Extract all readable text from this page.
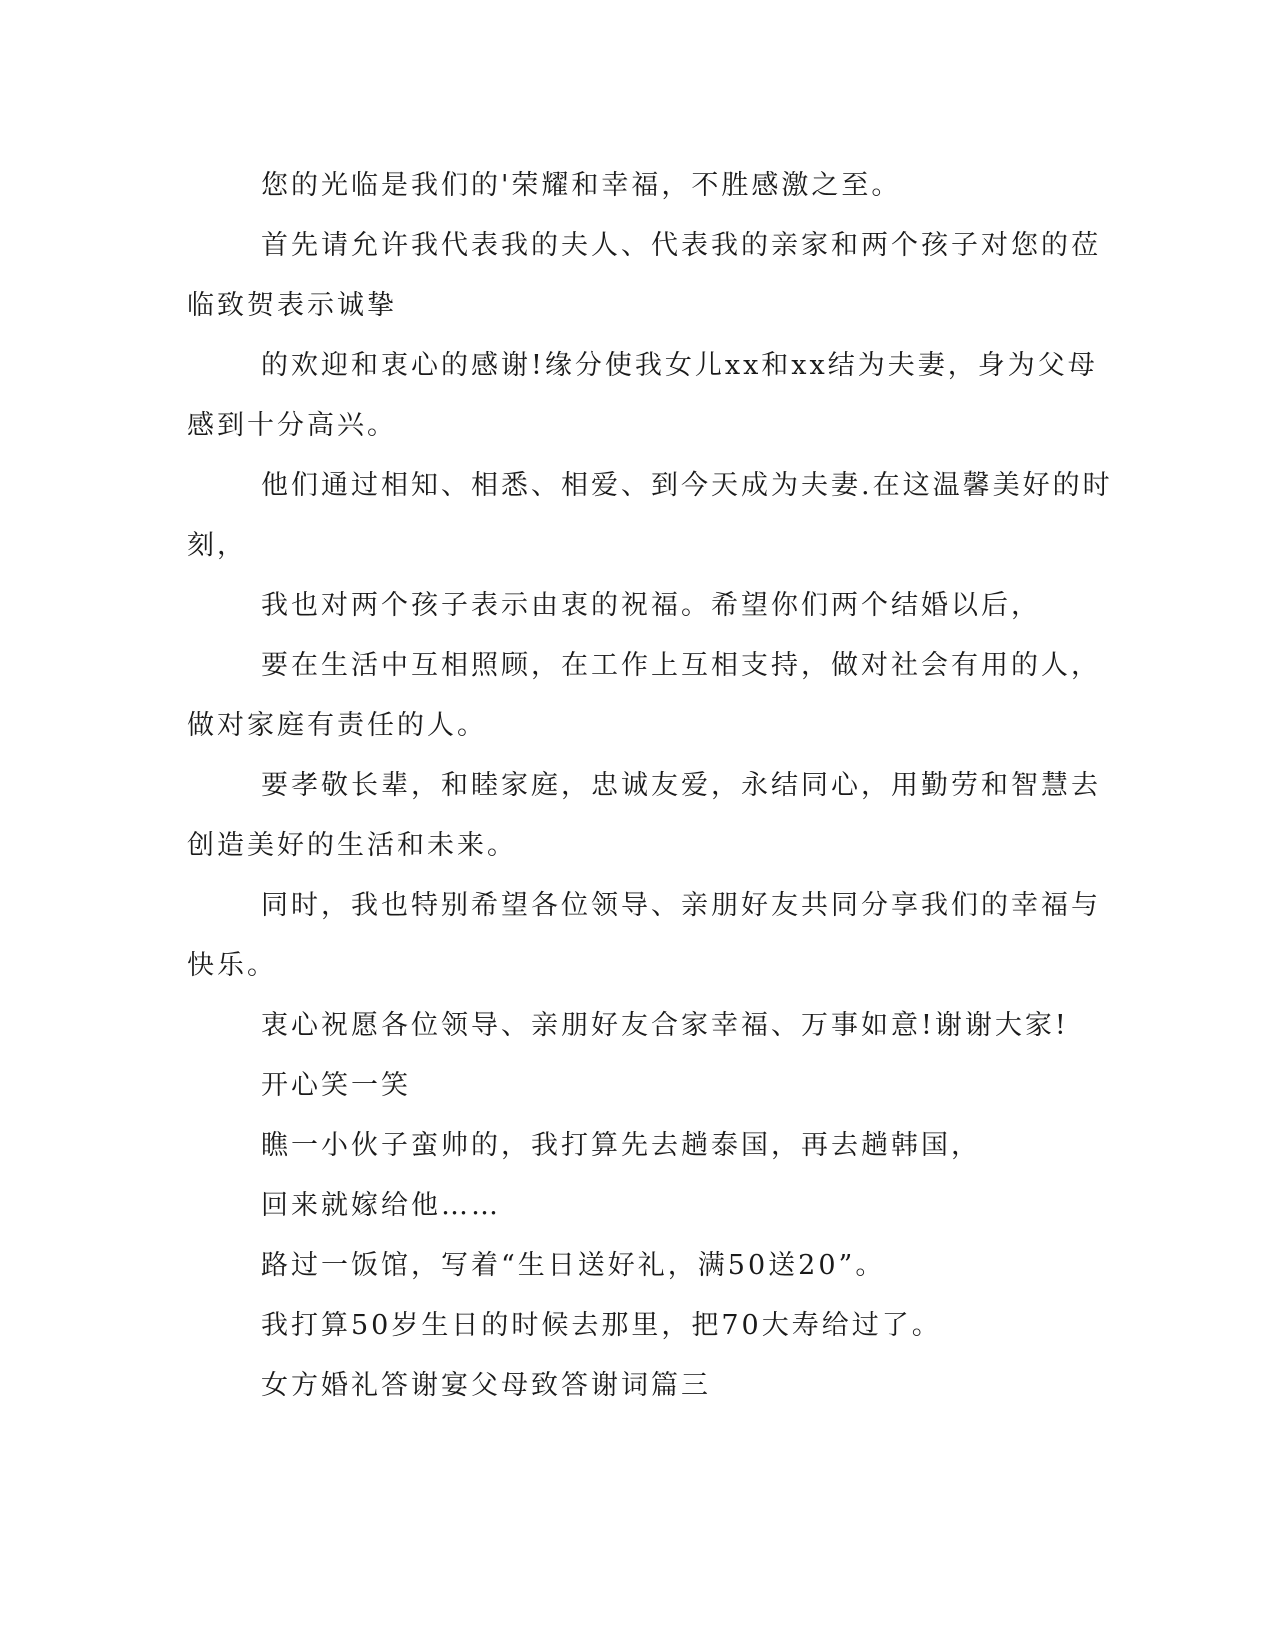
您的光临是我们的'荣耀和幸福，不胜感激之至。
首先请允许我代表我的夫人、代表我的亲家和两个孩子对您的莅
临致贺表示诚挚
的欢迎和衷心的感谢!缘分使我女儿xx和xx结为夫妻，身为父母
感到十分高兴。
他们通过相知、相悉、相爱、到今天成为夫妻.在这温馨美好的时
刻，
我也对两个孩子表示由衷的祝福。希望你们两个结婚以后，
要在生活中互相照顾，在工作上互相支持，做对社会有用的人，
做对家庭有责任的人。
要孝敬长辈，和睦家庭，忠诚友爱，永结同心，用勤劳和智慧去
创造美好的生活和未来。
同时，我也特别希望各位领导、亲朋好友共同分享我们的幸福与
快乐。
衷心祝愿各位领导、亲朋好友合家幸福、万事如意!谢谢大家!
开心笑一笑
瞧一小伙子蛮帅的，我打算先去趟泰国，再去趟韩国，
回来就嫁给他……
路过一饭馆，写着“生日送好礼，满50送20”。
我打算50岁生日的时候去那里，把70大寿给过了。
女方婚礼答谢宴父母致答谢词篇三
